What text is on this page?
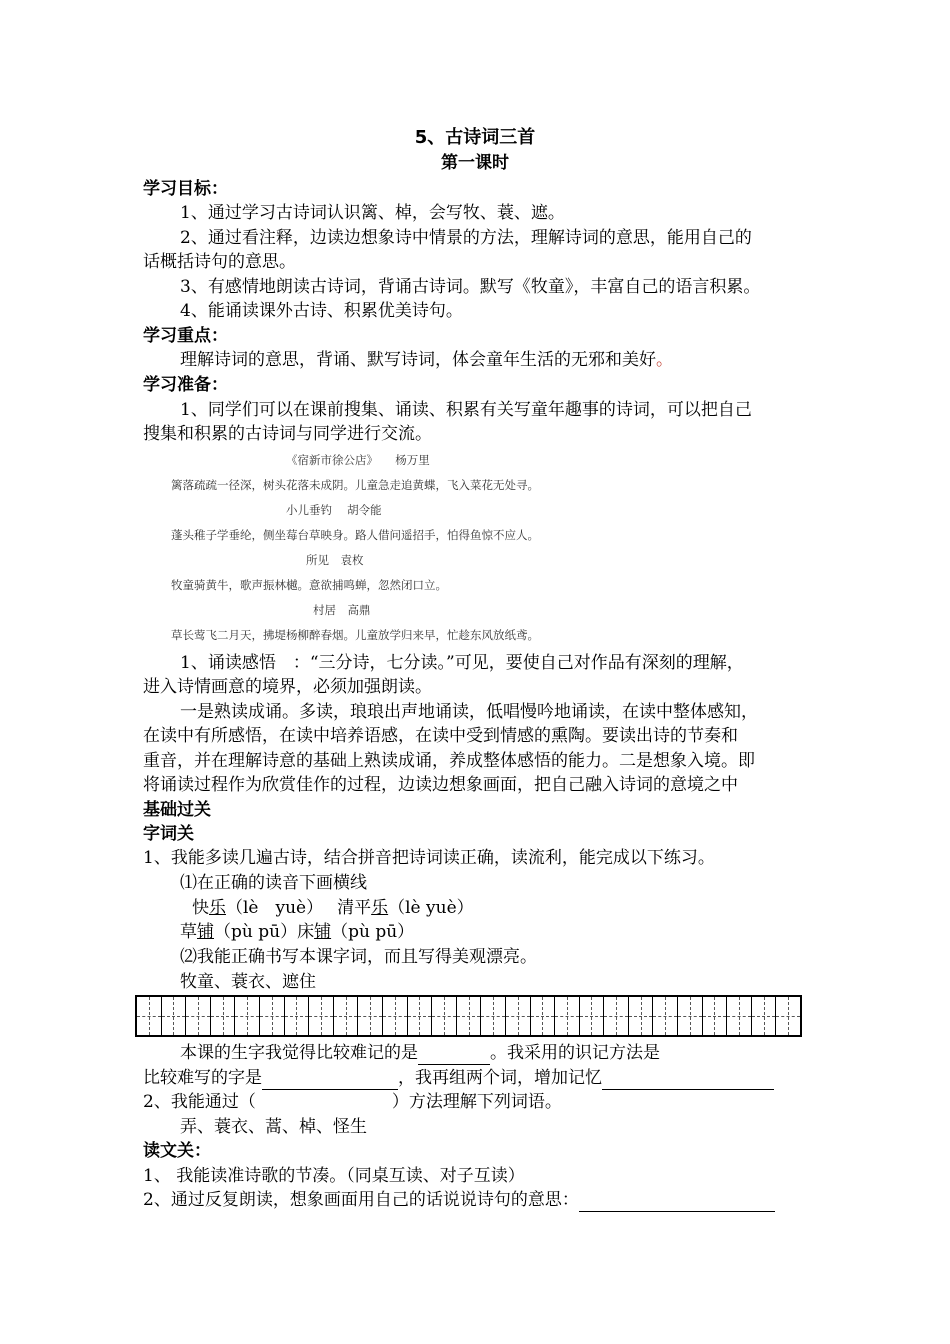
5、古诗词三首
第一课时
学习目标：
1、通过学习古诗词认识篱、棹，会写牧、蓑、遮。
2、通过看注释，边读边想象诗中情景的方法，理解诗词的意思，能用自己的
话概括诗句的意思。
3、有感情地朗读古诗词，背诵古诗词。默写《牧童》，丰富自己的语言积累。
4、能诵读课外古诗、积累优美诗句。
学习重点：
理解诗词的意思，背诵、默写诗词，体会童年生活的无邪和美好。
学习准备：
1、同学们可以在课前搜集、诵读、积累有关写童年趣事的诗词，可以把自己
搜集和积累的古诗词与同学进行交流。
《宿新市徐公店》　　杨万里
篱落疏疏一径深，树头花落未成阴。儿童急走追黄蝶，飞入菜花无处寻。
小儿垂钓　 胡令能
蓬头稚子学垂纶，侧坐莓台草映身。路人借问遥招手，怕得鱼惊不应人。
所见　袁枚
牧童骑黄牛，歌声振林樾。意欲捕鸣蝉，忽然闭口立。
村居　高鼎
草长莺飞二月天，拂堤杨柳醉春烟。儿童放学归来早，忙趁东风放纸鸢。
1、诵读感悟　：“三分诗，七分读。”可见，要使自己对作品有深刻的理解，
进入诗情画意的境界，必须加强朗读。
一是熟读成诵。多读，琅琅出声地诵读，低唱慢吟地诵读，在读中整体感知，
在读中有所感悟，在读中培养语感，在读中受到情感的熏陶。要读出诗的节奏和
重音，并在理解诗意的基础上熟读成诵，养成整体感悟的能力。二是想象入境。即
将诵读过程作为欣赏佳作的过程，边读边想象画面，把自己融入诗词的意境之中
基础过关
字词关
1、我能多读几遍古诗，结合拼音把诗词读正确，读流利，能完成以下练习。
⑴在正确的读音下画横线
快乐（lè　yuè） 清平乐（lè yuè）
草铺（pù pū）床铺（pù pū）
⑵我能正确书写本课字词，而且写得美观漂亮。
牧童、蓑衣、遮住
本课的生字我觉得比较难记的是	。我采用的识记方法是
比较难写的字是	，我再组两个词，增加记忆
2、我能通过（	）方法理解下列词语。
弄、蓑衣、蒿、棹、怪生
读文关：
1、 我能读准诗歌的节凑。（同桌互读、对子互读）
2、通过反复朗读，想象画面用自己的话说说诗句的意思：
